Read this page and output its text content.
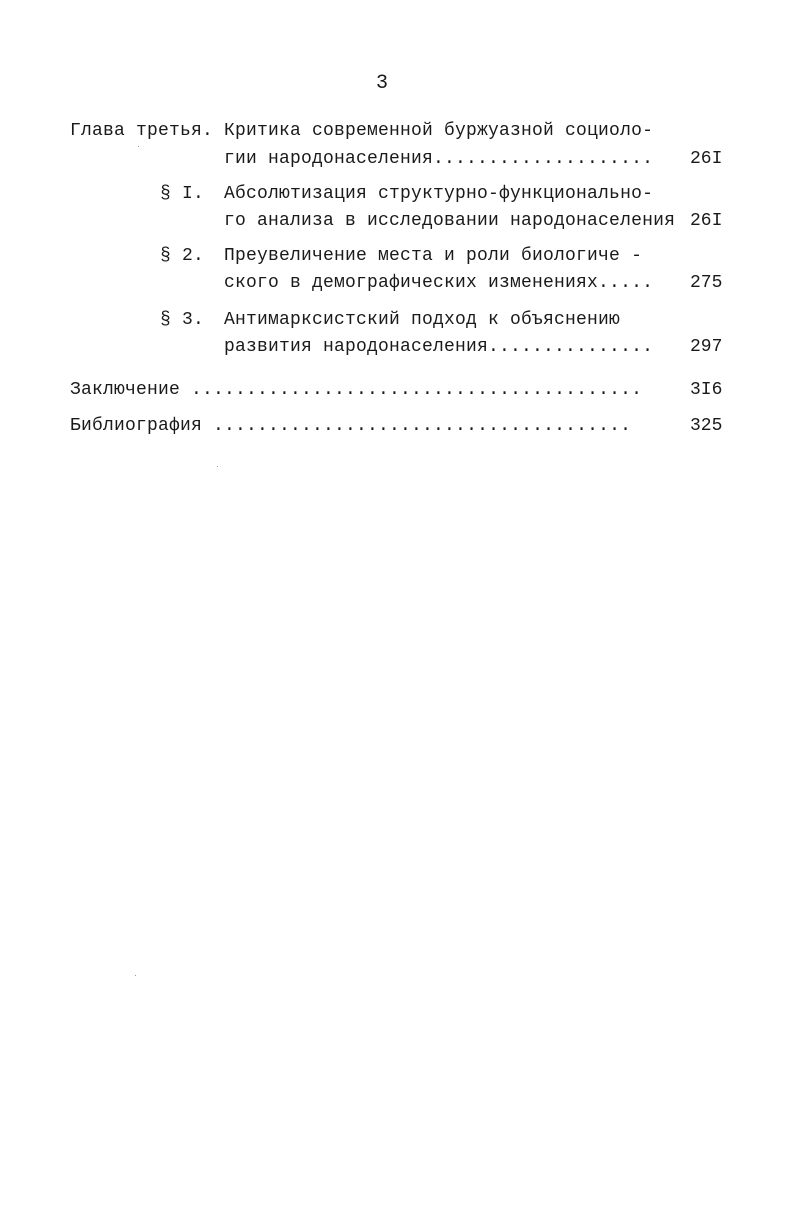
3
Глава третья. Критика современной буржуазной социоло-
гии народонаселения.................... 26I
§ I. Абсолютизация структурно-функционально-
го анализа в исследовании народонаселения 26I
§ 2. Преувеличение места и роли биологиче -
ского в демографических изменениях..... 275
§ 3. Антимарксистский подход к объяснению
развития народонаселения............... 297
Заключение .........................................	3I6
Библиография ......................................	325
